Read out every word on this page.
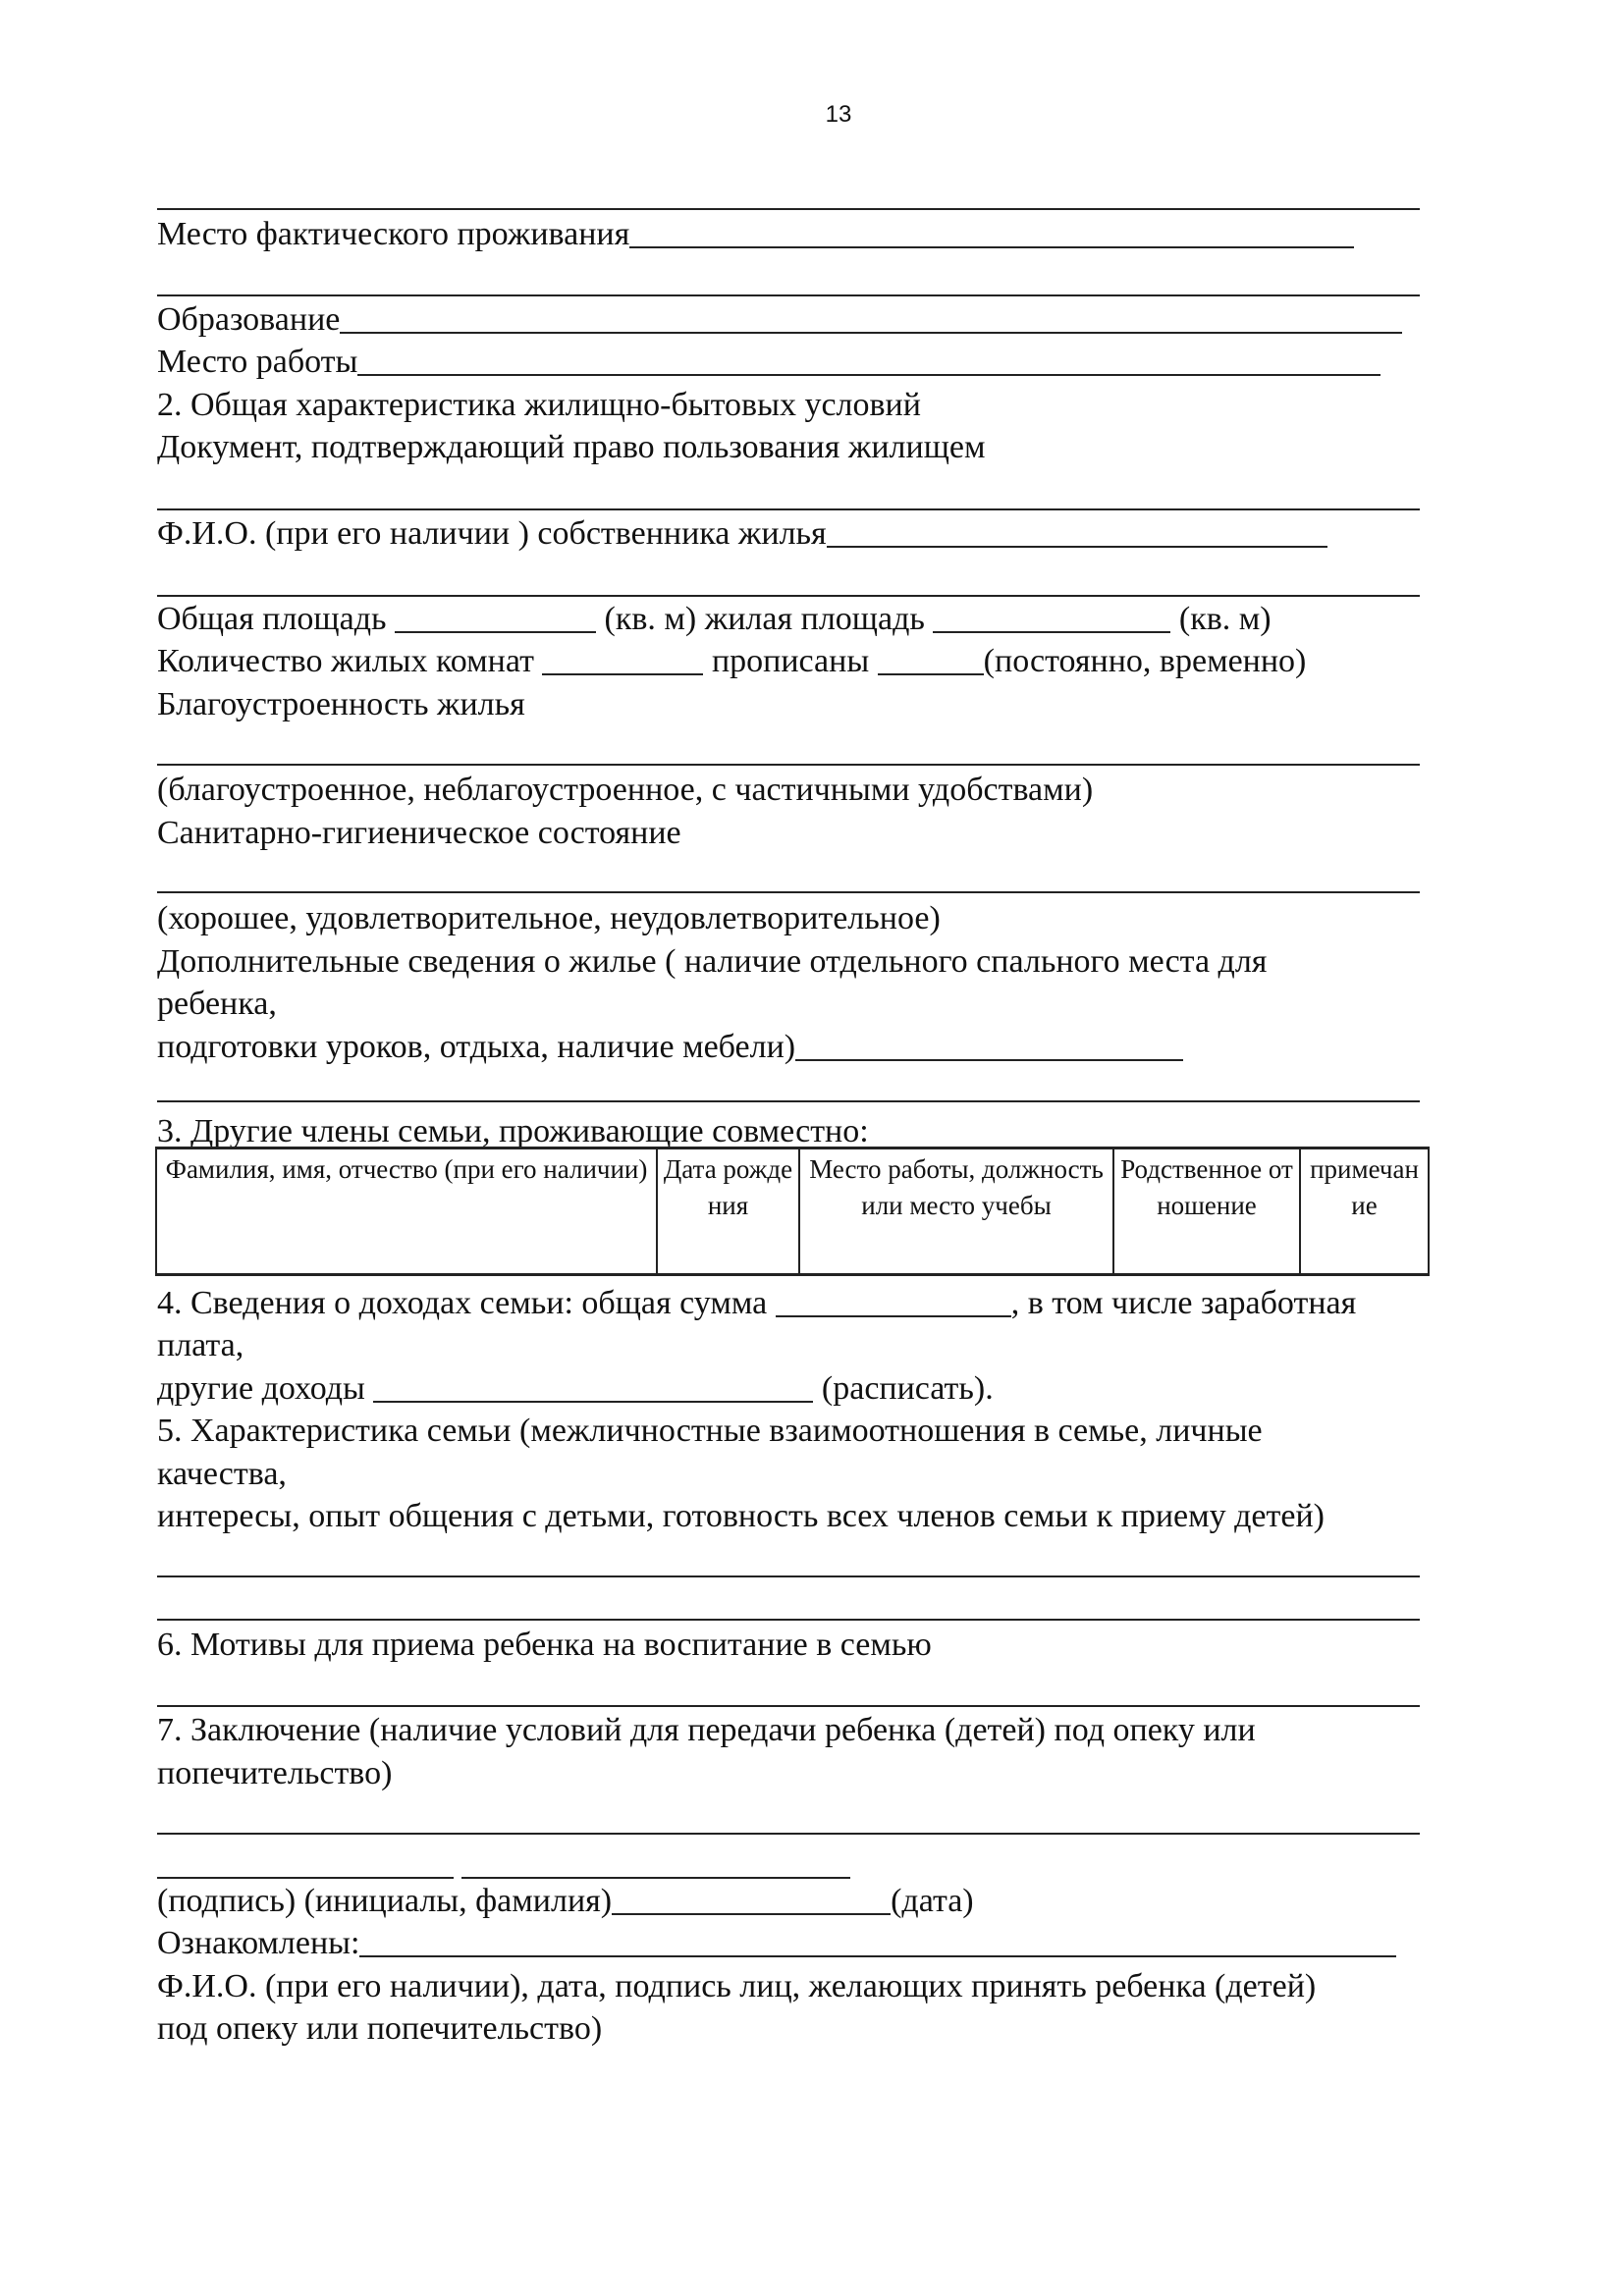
13
Место фактического проживания
Образование
Место работы
2. Общая характеристика жилищно-бытовых условий
Документ, подтверждающий право пользования жилищем
Ф.И.О. (при его наличии ) собственника жилья
Общая площадь	(кв. м) жилая площадь	(кв. м)
Количество жилых комнат	прописаны	(постоянно, временно)
Благоустроенность жилья
(благоустроенное, неблагоустроенное, с частичными удобствами)
Санитарно-гигиеническое состояние
(хорошее, удовлетворительное, неудовлетворительное)
Дополнительные сведения о жилье ( наличие отдельного спального места для
ребенка,
подготовки уроков, отдыха, наличие мебели)
3. Другие члены семьи, проживающие совместно:
Фамилия, имя, отчество (при его наличии)	Дата рождения	Место работы, должность или место учебы	Родственное отношение	примечание
4. Сведения о доходах семьи: общая сумма	, в том числе заработная
плата,
другие доходы	(расписать).
5. Характеристика семьи (межличностные взаимоотношения в семье, личные
качества,
интересы, опыт общения с детьми, готовность всех членов семьи к приему детей)
6. Мотивы для приема ребенка на воспитание в семью
7. Заключение (наличие условий для передачи ребенка (детей) под опеку или
попечительство)
(подпись) (инициалы, фамилия)	(дата)
Ознакомлены:
Ф.И.О. (при его наличии), дата, подпись лиц, желающих принять ребенка (детей)
под опеку или попечительство)
